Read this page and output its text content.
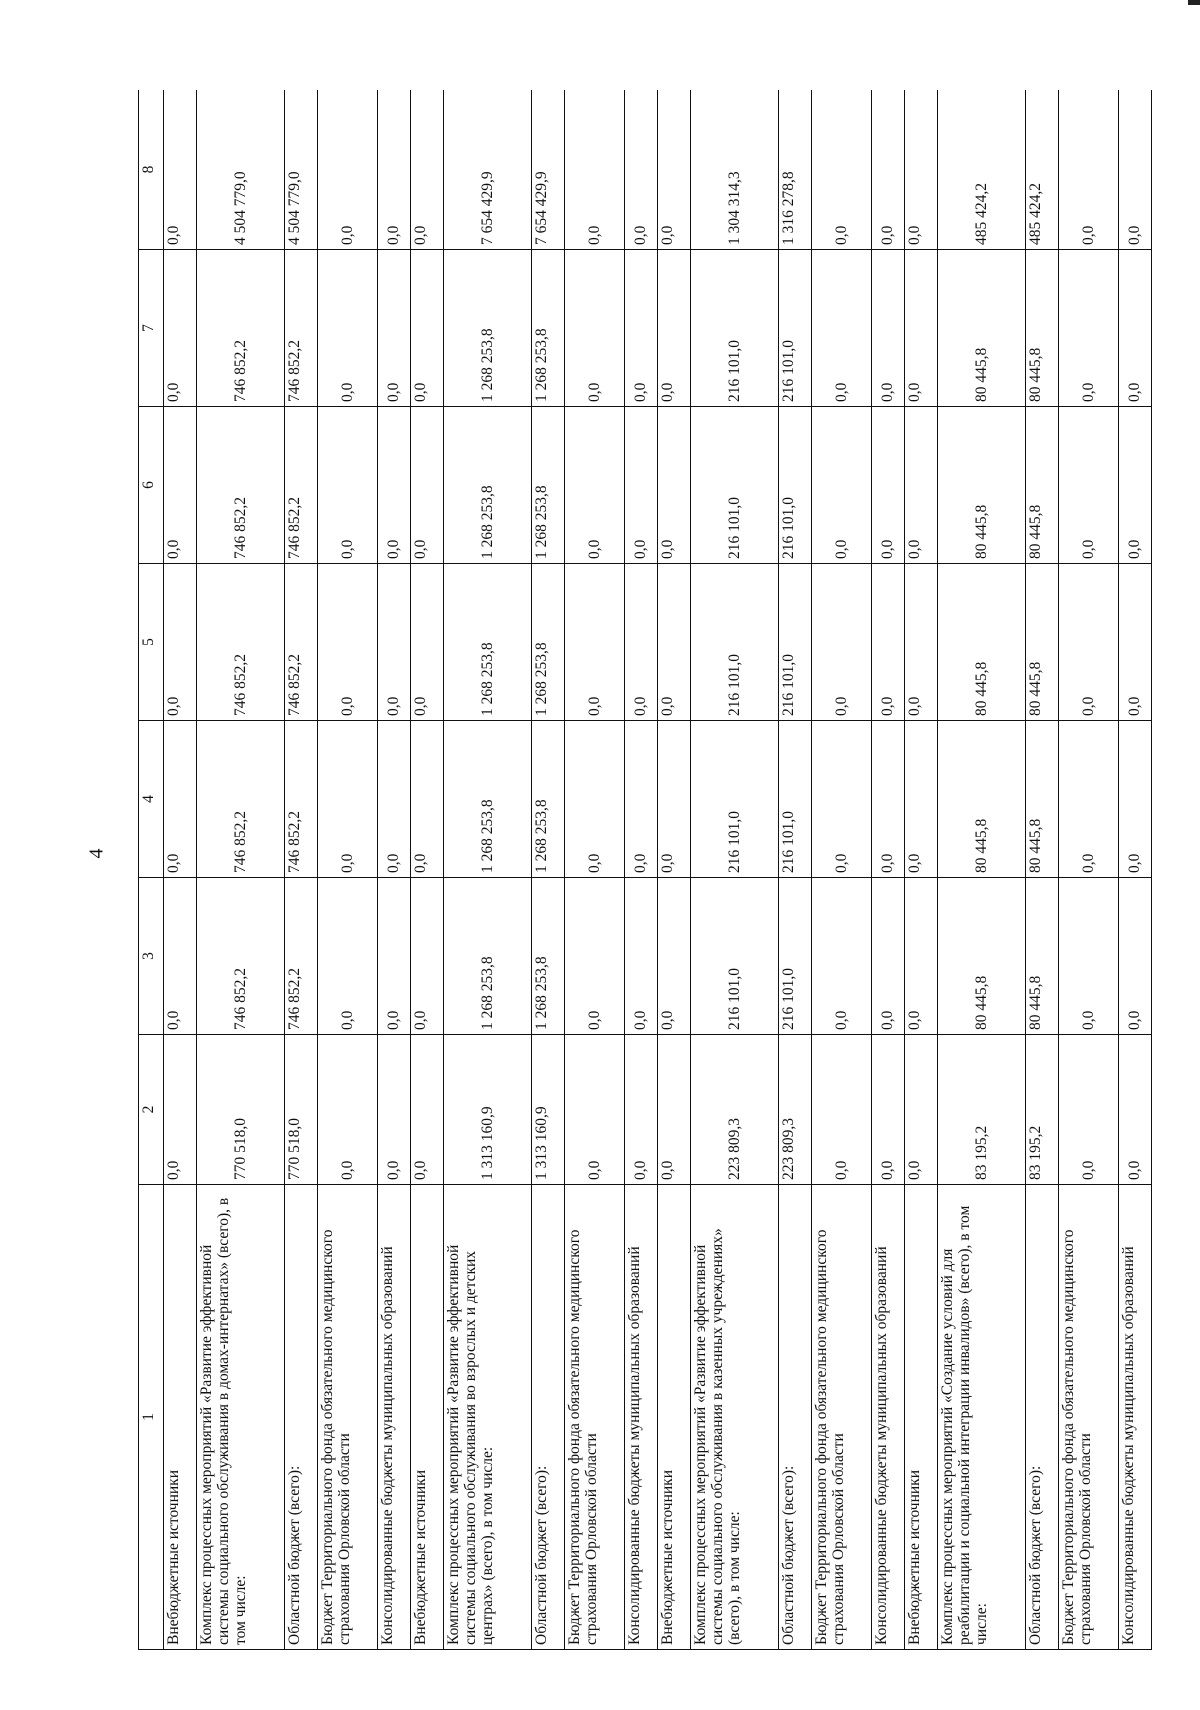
4
1	2	3	4	5	6	7	8
Внебюджетные источники	0,0	0,0	0,0	0,0	0,0	0,0	0,0
Комплекс процессных мероприятий «Развитие эффективной системы социального обслуживания в домах-интернатах» (всего), в том числе:	770 518,0	746 852,2	746 852,2	746 852,2	746 852,2	746 852,2	4 504 779,0
Областной бюджет (всего):	770 518,0	746 852,2	746 852,2	746 852,2	746 852,2	746 852,2	4 504 779,0
Бюджет Территориального фонда обязательного медицинского страхования Орловской области	0,0	0,0	0,0	0,0	0,0	0,0	0,0
Консолидированные бюджеты муниципальных образований	0,0	0,0	0,0	0,0	0,0	0,0	0,0
Внебюджетные источники	0,0	0,0	0,0	0,0	0,0	0,0	0,0
Комплекс процессных мероприятий «Развитие эффективной системы социального обслуживания во взрослых и детских центрах» (всего), в том числе:	1 313 160,9	1 268 253,8	1 268 253,8	1 268 253,8	1 268 253,8	1 268 253,8	7 654 429,9
Областной бюджет (всего):	1 313 160,9	1 268 253,8	1 268 253,8	1 268 253,8	1 268 253,8	1 268 253,8	7 654 429,9
Бюджет Территориального фонда обязательного медицинского страхования Орловской области	0,0	0,0	0,0	0,0	0,0	0,0	0,0
Консолидированные бюджеты муниципальных образований	0,0	0,0	0,0	0,0	0,0	0,0	0,0
Внебюджетные источники	0,0	0,0	0,0	0,0	0,0	0,0	0,0
Комплекс процессных мероприятий «Развитие эффективной системы социального обслуживания в казенных учреждениях» (всего), в том числе:	223 809,3	216 101,0	216 101,0	216 101,0	216 101,0	216 101,0	1 304 314,3
Областной бюджет (всего):	223 809,3	216 101,0	216 101,0	216 101,0	216 101,0	216 101,0	1 316 278,8
Бюджет Территориального фонда обязательного медицинского страхования Орловской области	0,0	0,0	0,0	0,0	0,0	0,0	0,0
Консолидированные бюджеты муниципальных образований	0,0	0,0	0,0	0,0	0,0	0,0	0,0
Внебюджетные источники	0,0	0,0	0,0	0,0	0,0	0,0	0,0
Комплекс процессных мероприятий «Создание условий для реабилитации и социальной интеграции инвалидов» (всего), в том числе:	83 195,2	80 445,8	80 445,8	80 445,8	80 445,8	80 445,8	485 424,2
Областной бюджет (всего):	83 195,2	80 445,8	80 445,8	80 445,8	80 445,8	80 445,8	485 424,2
Бюджет Территориального фонда обязательного медицинского страхования Орловской области	0,0	0,0	0,0	0,0	0,0	0,0	0,0
Консолидированные бюджеты муниципальных образований	0,0	0,0	0,0	0,0	0,0	0,0	0,0
